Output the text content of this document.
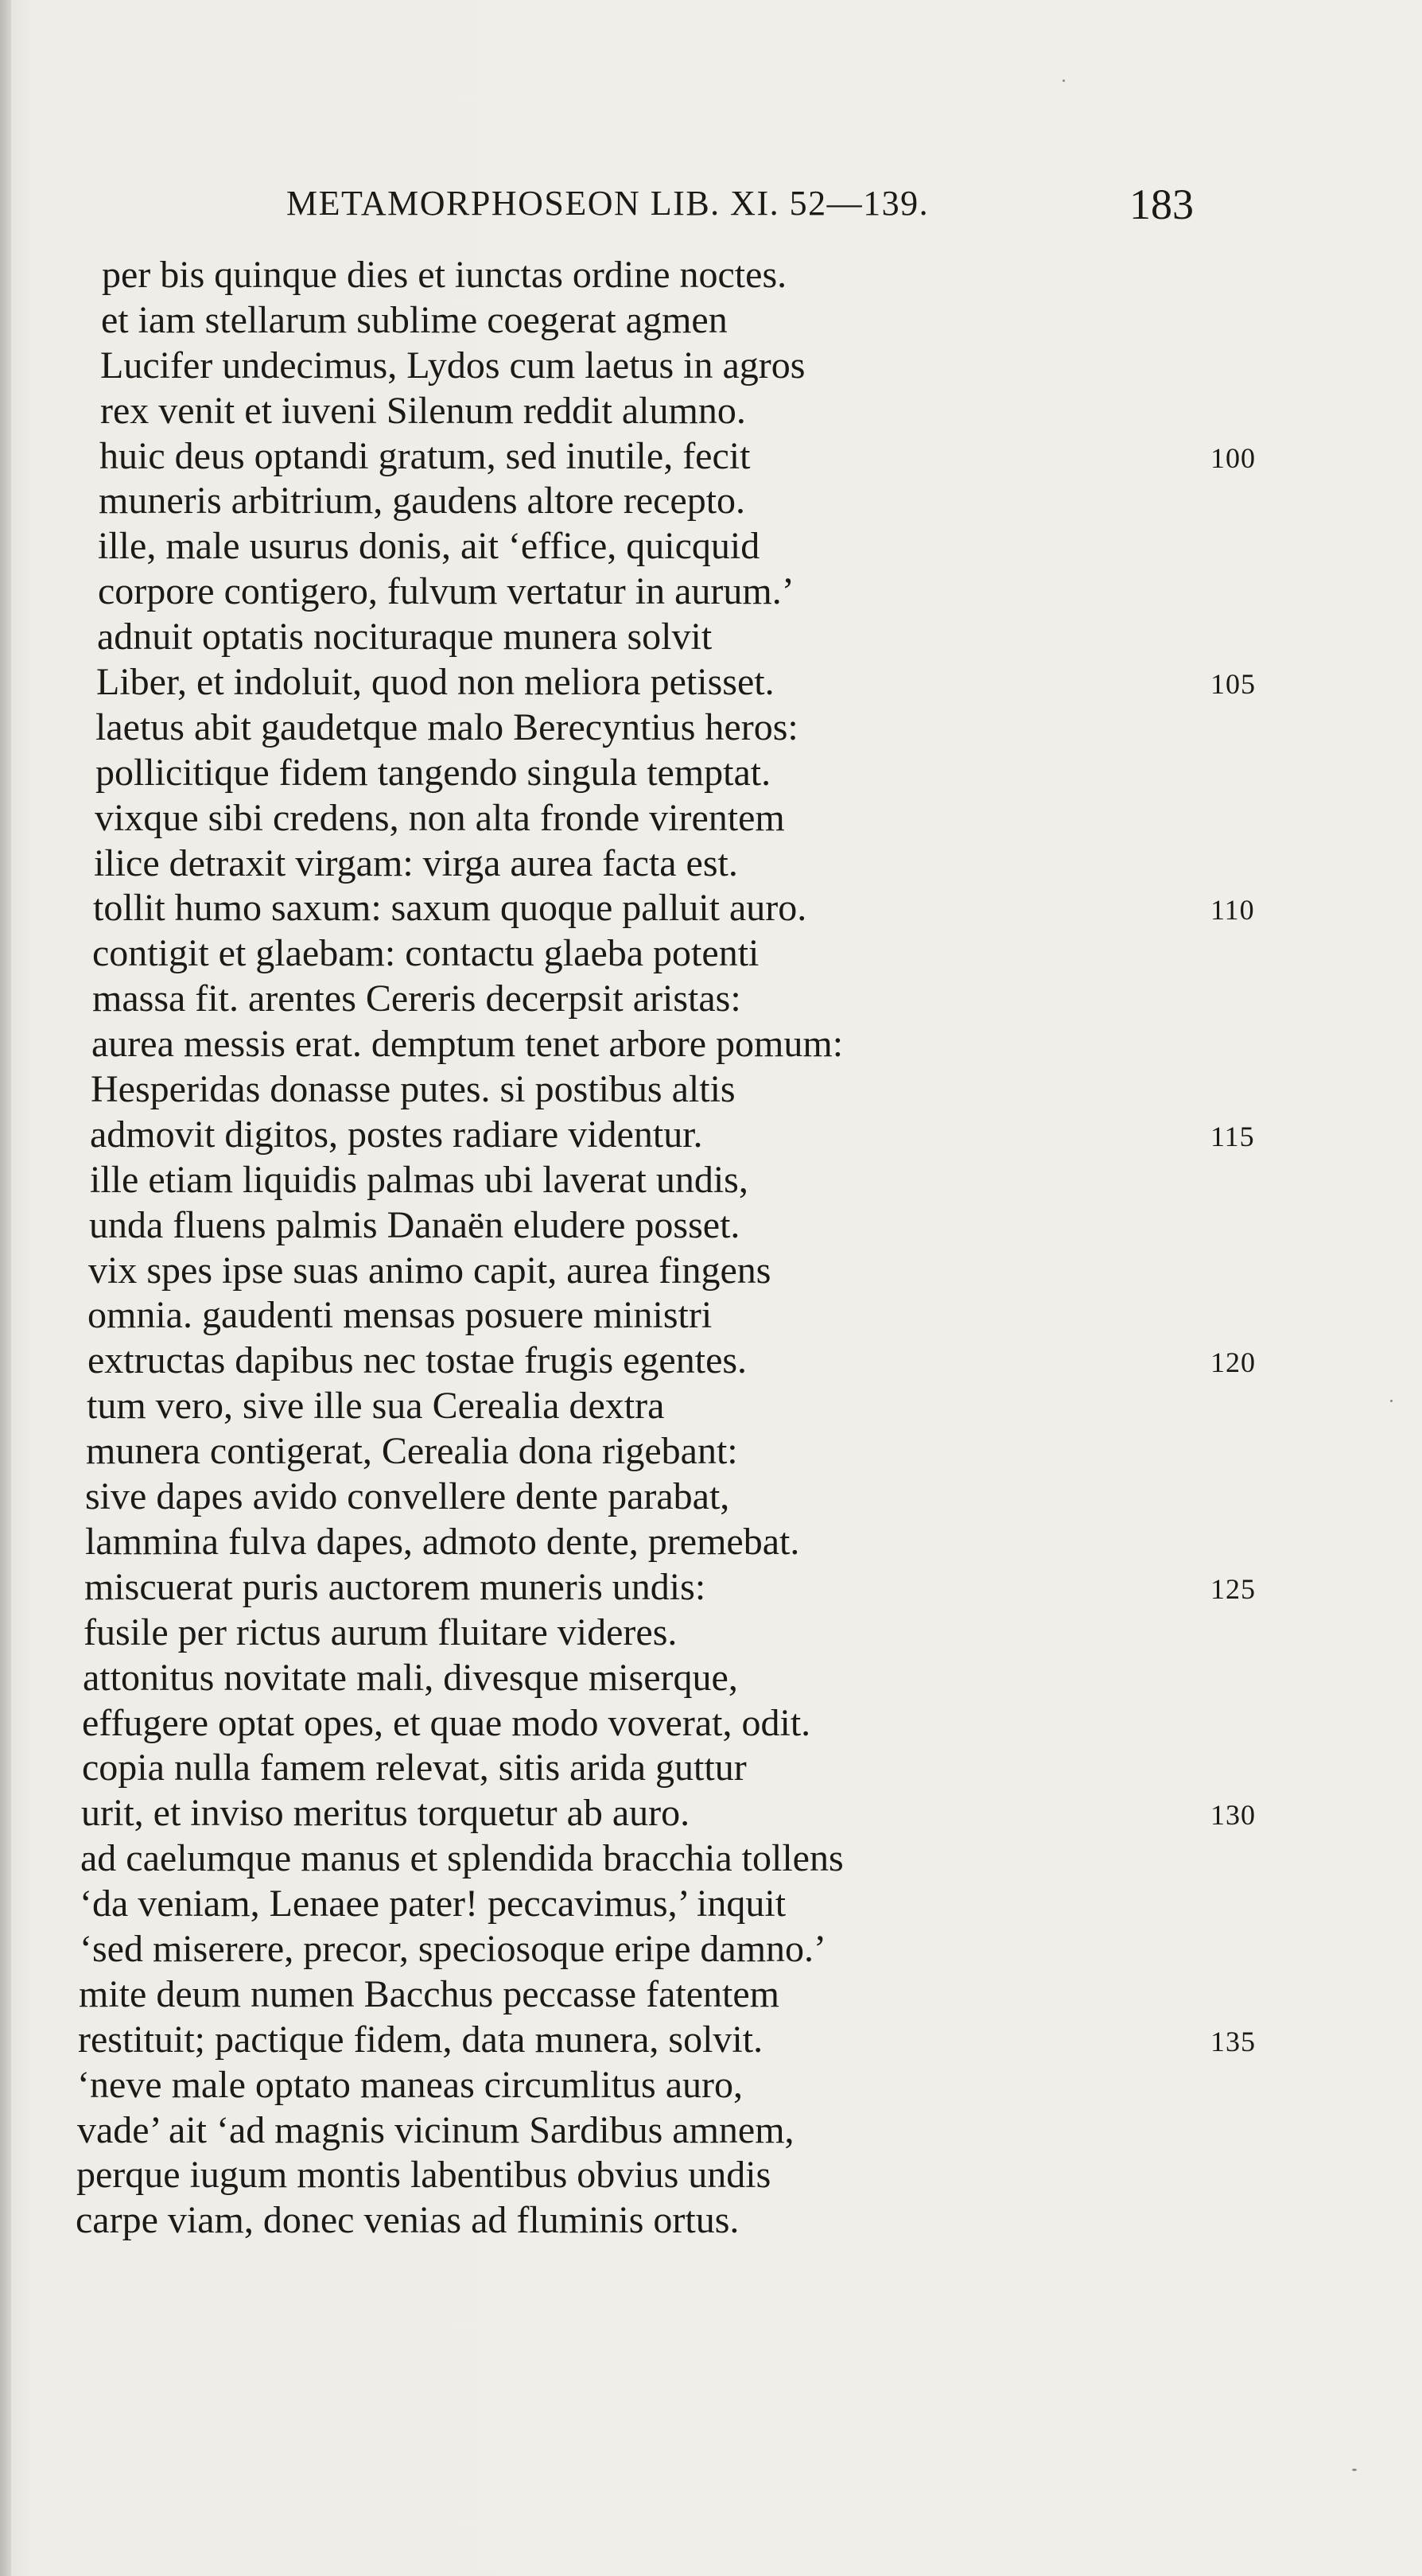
METAMORPHOSEON LIB. XI. 52—139.	183
per bis quinque dies et iunctas ordine noctes.
et iam stellarum sublime coegerat agmen
Lucifer undecimus, Lydos cum laetus in agros
rex venit et iuveni Silenum reddit alumno.
huic deus optandi gratum, sed inutile, fecit	100
muneris arbitrium, gaudens altore recepto.
ille, male usurus donis, ait ‘effice, quicquid
corpore contigero, fulvum vertatur in aurum.’
adnuit optatis nocituraque munera solvit
Liber, et indoluit, quod non meliora petisset.	105
laetus abit gaudetque malo Berecyntius heros:
pollicitique fidem tangendo singula temptat.
vixque sibi credens, non alta fronde virentem
ilice detraxit virgam: virga aurea facta est.
tollit humo saxum: saxum quoque palluit auro.	110
contigit et glaebam: contactu glaeba potenti
massa fit. arentes Cereris decerpsit aristas:
aurea messis erat. demptum tenet arbore pomum:
Hesperidas donasse putes. si postibus altis
admovit digitos, postes radiare videntur.	115
ille etiam liquidis palmas ubi laverat undis,
unda fluens palmis Danaën eludere posset.
vix spes ipse suas animo capit, aurea fingens
omnia. gaudenti mensas posuere ministri
extructas dapibus nec tostae frugis egentes.	120
tum vero, sive ille sua Cerealia dextra
munera contigerat, Cerealia dona rigebant:
sive dapes avido convellere dente parabat,
lammina fulva dapes, admoto dente, premebat.
miscuerat puris auctorem muneris undis:	125
fusile per rictus aurum fluitare videres.
attonitus novitate mali, divesque miserque,
effugere optat opes, et quae modo voverat, odit.
copia nulla famem relevat, sitis arida guttur
urit, et inviso meritus torquetur ab auro.	130
ad caelumque manus et splendida bracchia tollens
‘da veniam, Lenaee pater! peccavimus,’ inquit
‘sed miserere, precor, speciosoque eripe damno.’
mite deum numen Bacchus peccasse fatentem
restituit; pactique fidem, data munera, solvit.	135
‘neve male optato maneas circumlitus auro,
vade’ ait ‘ad magnis vicinum Sardibus amnem,
perque iugum montis labentibus obvius undis
carpe viam, donec venias ad fluminis ortus.
